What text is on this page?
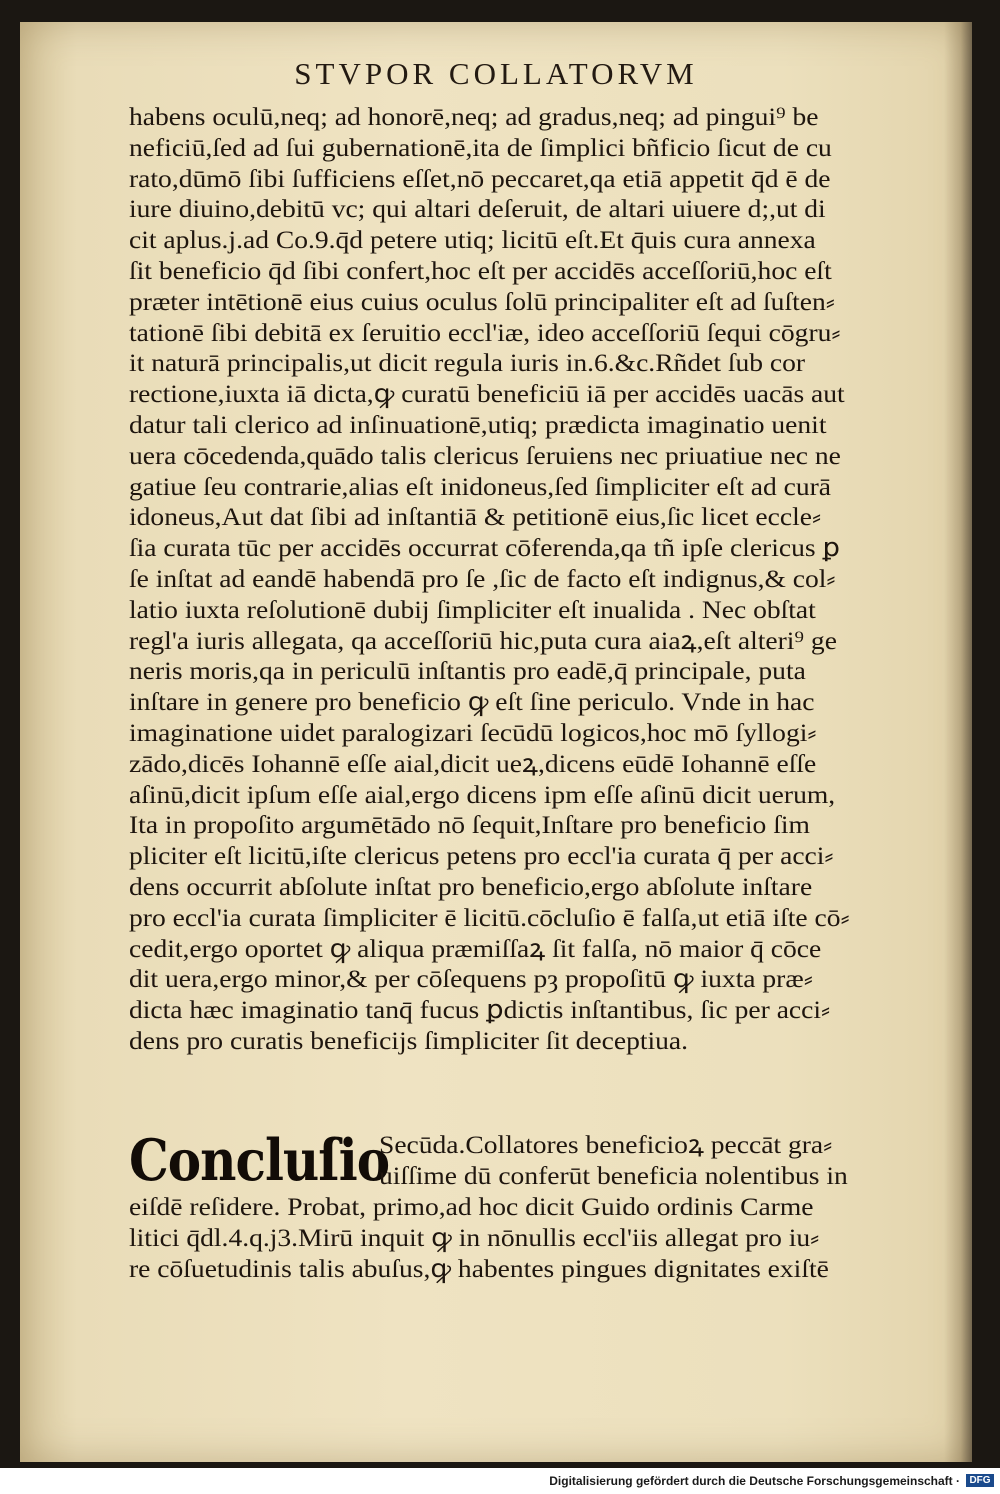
STVPOR COLLATORVM
habens oculū,neq; ad honorē,neq; ad gradus,neq; ad pingui⁹ be
neficiū,ſed ad ſui gubernationē,ita de ſimplici bñficio ſicut de cu
rato,dūmō ſibi ſufficiens eſſet,nō peccaret,qa etiā appetit q̄d ē de
iure diuino,debitū vc; qui altari deſeruit, de altari uiuere d;,ut di
cit aplus.j.ad Co.9.q̄d petere utiq; licitū eſt.Et q̄uis cura annexa
ſit beneficio q̄d ſibi confert,hoc eſt per accidēs acceſſoriū,hoc eſt
præter intētionē eius cuius oculus ſolū principaliter eſt ad ſuſten⸗
tationē ſibi debitā ex ſeruitio eccl'iæ, ideo acceſſoriū ſequi cōgru⸗
it naturā principalis,ut dicit regula iuris in.6.&c.Rñdet ſub cor
rectione,iuxta iā dicta,ꝙ curatū beneficiū iā per accidēs uacās aut
datur tali clerico ad inſinuationē,utiq; prædicta imaginatio uenit
uera cōcedenda,quādo talis clericus ſeruiens nec priuatiue nec ne
gatiue ſeu contrarie,alias eſt inidoneus,ſed ſimpliciter eſt ad curā
idoneus,Aut dat ſibi ad inſtantiā & petitionē eius,ſic licet eccle⸗
ſia curata tūc per accidēs occurrat cōferenda,qa tñ ipſe clericus ꝑ
ſe inſtat ad eandē habendā pro ſe ,ſic de facto eſt indignus,& col⸗
latio iuxta reſolutionē dubij ſimpliciter eſt inualida . Nec obſtat
regl'a iuris allegata, qa acceſſoriū hic,puta cura aiaꝝ,eſt alteri⁹ ge
neris moris,qa in periculū inſtantis pro eadē,q̄ principale, puta
inſtare in genere pro beneficio ꝙ eſt ſine periculo. Vnde in hac
imaginatione uidet paralogizari ſecūdū logicos,hoc mō ſyllogi⸗
zādo,dicēs Iohannē eſſe aial,dicit ueꝝ,dicens eūdē Iohannē eſſe
aſinū,dicit ipſum eſſe aial,ergo dicens ipm eſſe aſinū dicit uerum,
Ita in propoſito argumētādo nō ſequit,Inſtare pro beneficio ſim
pliciter eſt licitū,iſte clericus petens pro eccl'ia curata q̄ per acci⸗
dens occurrit abſolute inſtat pro beneficio,ergo abſolute inſtare
pro eccl'ia curata ſimpliciter ē licitū.cōcluſio ē falſa,ut etiā iſte cō⸗
cedit,ergo oportet ꝙ aliqua præmiſſaꝝ ſit falſa, nō maior q̄ cōce
dit uera,ergo minor,& per cōſequens pȝ propoſitū ꝙ iuxta præ⸗
dicta hæc imaginatio tanq̄ fucus ꝑdictis inſtantibus, ſic per acci⸗
dens pro curatis beneficijs ſimpliciter ſit deceptiua.
Concluſio
Secūda.Collatores beneficioꝝ peccāt gra⸗
uiſſime dū conferūt beneficia nolentibus in
eiſdē reſidere. Probat, primo,ad hoc dicit Guido ordinis Carme
litici q̄dl.4.q.j3.Mirū inquit ꝙ in nōnullis eccl'iis allegat pro iu⸗
re cōſuetudinis talis abuſus,ꝙ habentes pingues dignitates exiſtē
Digitalisierung gefördert durch die Deutsche Forschungsgemeinschaft · DFG
